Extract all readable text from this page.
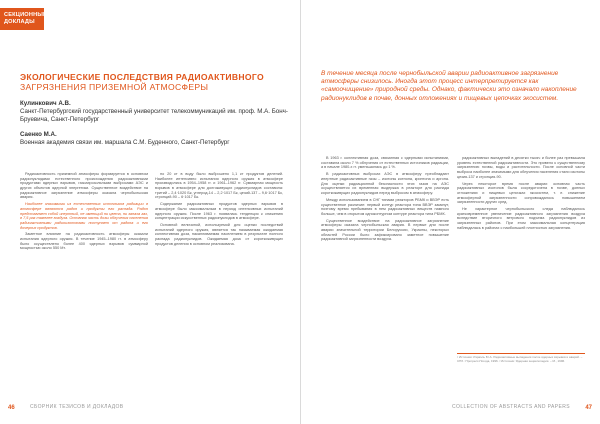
СЕКЦИОННЫЕ ДОКЛАДЫ
ЭКОЛОГИЧЕСКИЕ ПОСЛЕДСТВИЯ РАДИОАКТИВНОГО
ЗАГРЯЗНЕНИЯ ПРИЗЕМНОЙ АТМОСФЕРЫ
Кулинкович А.В.
Санкт-Петербургский государственный университет телекоммуникаций им. проф. М.А. Бонч-Бруевича, Санкт-Петербург
Саенко М.А.
Военная академия связи им. маршала С.М. Буденного, Санкт-Петербург

Радиоактивность приземной атмосферы формируется в основном радионуклидами естественного происхождения радиоактивными продуктами ядерных взрывов, газоаэрозольными выбросами АЭС и других объектов ядерной энергетики. Существенное воздействие на радиоактивное загрязнение атмосферы оказала чернобыльская авария.

Наиболее значимыми из естественных источников радиации в атмосфере являются радон и продукты его распада. Радон представляет собой инертный, не имеющий ни цвета, ни запаха газ, в 7,5 раз тяжелее воздуха. Основная часть дозы облучения населения радиоактивными радиоизотопами поступает от радона и его дочерних продуктов.

Заметное влияние на радиоактивность атмосферы оказали испытания ядерного оружия. В течение 1945–1980 гг. в атмосферу было осуществлено более 400 ядерных взрывов суммарной мощностью около 550 Мт.

но 20 кт в воду было выброшено 1,1 кт продуктов делений. Наиболее интенсивно испытания ядерного оружия в атмосфере производились в 1954–1958 гг. и 1961–1962 гг. Суммарная мощность взрывов в атмосфере для долгоживущих радионуклидов составила: тритий – 2,4·1020 Бк, углерод-14 – 2,2·1017 Бк, цезий-137 – 9,6·1017 Бк, стронций-90 – 6·1017 Бк.

Содержание радиоактивных продуктов ядерных взрывов в атмосфере было максимальным в период интенсивных испытаний ядерного оружия. После 1963 г. появилась тенденция к снижению концентрации искусственных радионуклидов в атмосфере.

Основной величиной, используемой для оценки последствий испытаний ядерного оружия, является так называемая ожидаемая коллективная доза, накапливаемая населением в результате полного распада радионуклидов. Ожидаемая доза от короткоживущих продуктов деления в основном реализована.

46	СБОРНИК ТЕЗИСОВ И ДОКЛАДОВ
В течение месяца после чернобыльской аварии радиоактивное загрязнение атмосферы снизилось. Иногда этот процесс интерпретируется как «самоочищение» природной среды. Однако, фактически это означало накопление радионуклидов в почве, донных отложениях и пищевых цепочках экосистем.

В 1963 г. коллективная доза, связанная с ядерными испытаниями, составила около 7 % облучения от естественных источников радиации, а в начале 1980-х гг. уменьшилась до 1 %.

В радиоактивных выбросах АЭС в атмосферу преобладают инертные радиоактивные газы – изотопы ксенона, криптона и аргона. Для оценки радиационной безопасности этих газов на АЭС осуществляется их временная выдержка в реакторе для распада короткоживущих радионуклидов перед выбросом в атмосферу.

Между использованием в СНГ типами реакторов РБМК и ВВЭР есть существенное различие: первый контур реактора типа ВВЭР замкнут, поэтому время пребывания в нем радиоактивных веществ намного больше, чем в открытом одноконтурном контуре реактора типа РБМК.

Существенное воздействие на радиоактивное загрязнение атмосферы оказала чернобыльская авария. В первые дни после аварии значительной территории Белоруссии, Украины, некоторых областей России было зафиксировано заметное повышение радиоактивной загрязненности воздуха.

радиоактивных выпадений в десятки тысяч и более раз превышала уровень естественной радиоактивности. Это привело к существенному загрязнению почвы, воды и растительности. После основной части выброса наиболее значимыми для облучения населения стали изотопы цезия-137 и стронция-90.

Через некоторое время после аварии основная часть радиоактивных изотопов была сосредоточена в почве, донных отложениях и пищевых цепочках экосистем, т. е. снижение атмосферной загрязненности сопровождалось повышением загрязненности других сред.

Не характерное чернобыльского следа наблюдалось кратковременное увеличение радиоактивного загрязнения воздуха вследствие вторичного ветрового подъема радионуклидов из загрязненных районов. При этом максимальная концентрация наблюдалась в районах с наибольшей плотностью загрязнения.

¹ Источник: Израэль Ю.А. Радиоактивные выпадения после ядерных взрывов и аварий. – СПб.: Прогресс-Погода, 1996. ² Источник: Ядерная энциклопедия. – М., 1996.
COLLECTION OF ABSTRACTS AND PAPERS	47
